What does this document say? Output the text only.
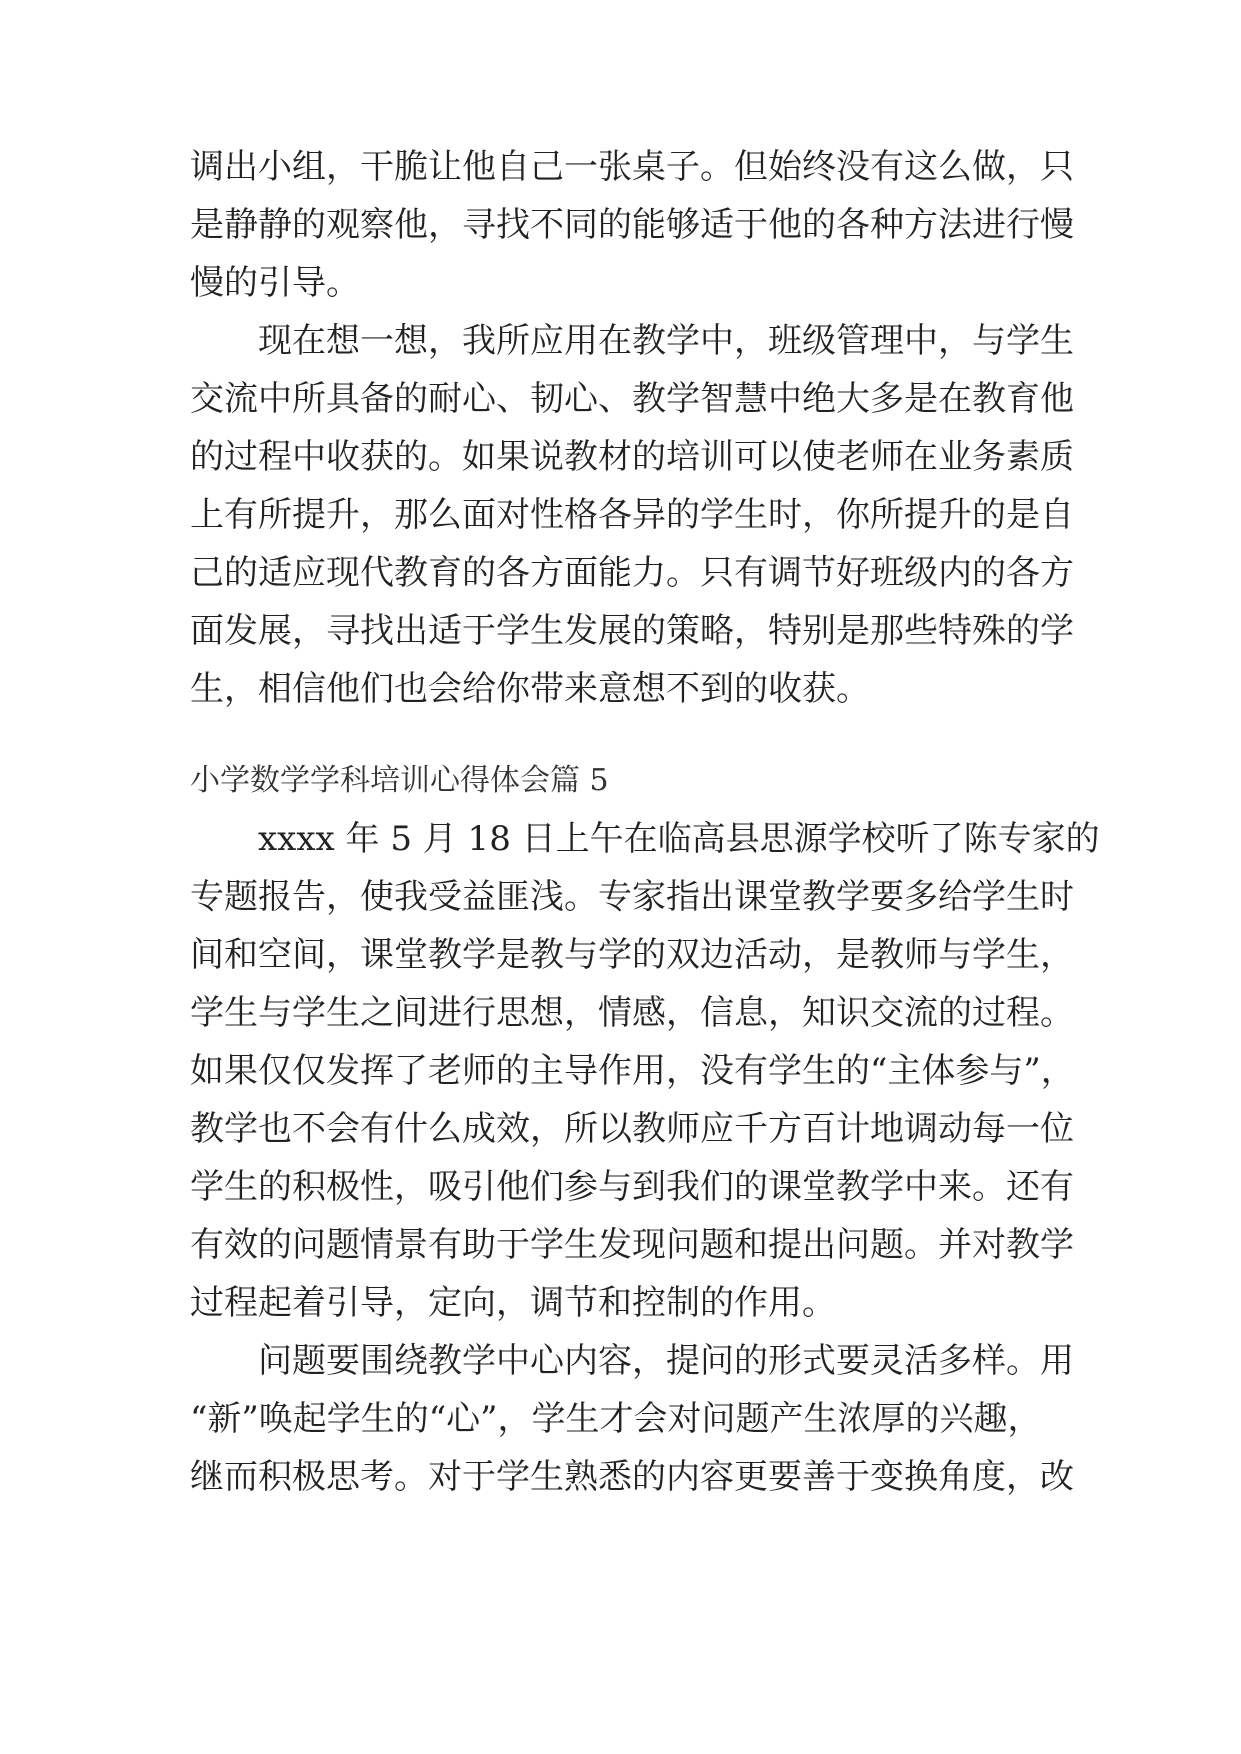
调出小组，干脆让他自己一张桌子。但始终没有这么做，只
是静静的观察他，寻找不同的能够适于他的各种方法进行慢
慢的引导。
现在想一想，我所应用在教学中，班级管理中，与学生
交流中所具备的耐心、韧心、教学智慧中绝大多是在教育他
的过程中收获的。如果说教材的培训可以使老师在业务素质
上有所提升，那么面对性格各异的学生时，你所提升的是自
己的适应现代教育的各方面能力。只有调节好班级内的各方
面发展，寻找出适于学生发展的策略，特别是那些特殊的学
生，相信他们也会给你带来意想不到的收获。
小学数学学科培训心得体会篇 5
xxxx 年 5 月 18 日上午在临高县思源学校听了陈专家的
专题报告，使我受益匪浅。专家指出课堂教学要多给学生时
间和空间，课堂教学是教与学的双边活动，是教师与学生，
学生与学生之间进行思想，情感，信息，知识交流的过程。
如果仅仅发挥了老师的主导作用，没有学生的“主体参与”，
教学也不会有什么成效，所以教师应千方百计地调动每一位
学生的积极性，吸引他们参与到我们的课堂教学中来。还有
有效的问题情景有助于学生发现问题和提出问题。并对教学
过程起着引导，定向，调节和控制的作用。
问题要围绕教学中心内容，提问的形式要灵活多样。用
“新”唤起学生的“心”，学生才会对问题产生浓厚的兴趣，
继而积极思考。对于学生熟悉的内容更要善于变换角度，改
